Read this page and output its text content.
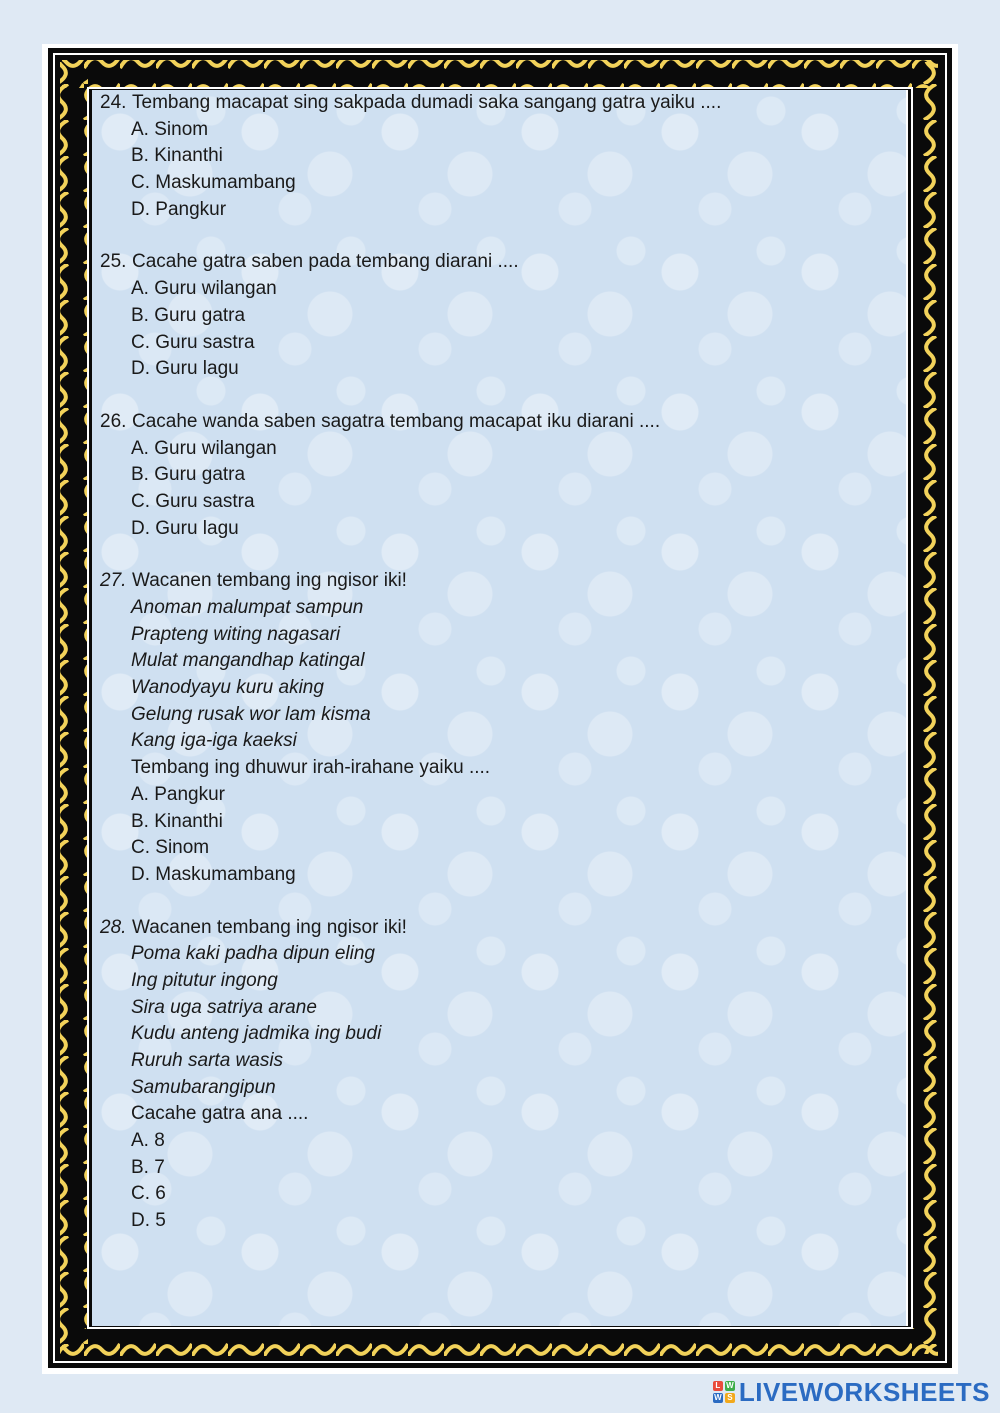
24. Tembang macapat sing sakpada dumadi saka sangang gatra yaiku ....
A. Sinom
B. Kinanthi
C. Maskumambang
D. Pangkur
25. Cacahe gatra saben pada tembang diarani ....
A. Guru wilangan
B. Guru gatra
C. Guru sastra
D. Guru lagu
26. Cacahe wanda saben sagatra tembang macapat iku diarani ....
A. Guru wilangan
B. Guru gatra
C. Guru sastra
D. Guru lagu
27. Wacanen tembang ing ngisor iki!
Anoman malumpat sampun
Prapteng witing nagasari
Mulat mangandhap katingal
Wanodyayu kuru aking
Gelung rusak wor lam kisma
Kang iga-iga kaeksi
Tembang ing dhuwur irah-irahane yaiku ....
A. Pangkur
B. Kinanthi
C. Sinom
D. Maskumambang
28. Wacanen tembang ing ngisor iki!
Poma kaki padha dipun eling
Ing pitutur ingong
Sira uga satriya arane
Kudu anteng jadmika ing budi
Ruruh sarta wasis
Samubarangipun
Cacahe gatra ana ....
A. 8
B. 7
C. 6
D. 5
L W
W S LIVEWORKSHEETS
